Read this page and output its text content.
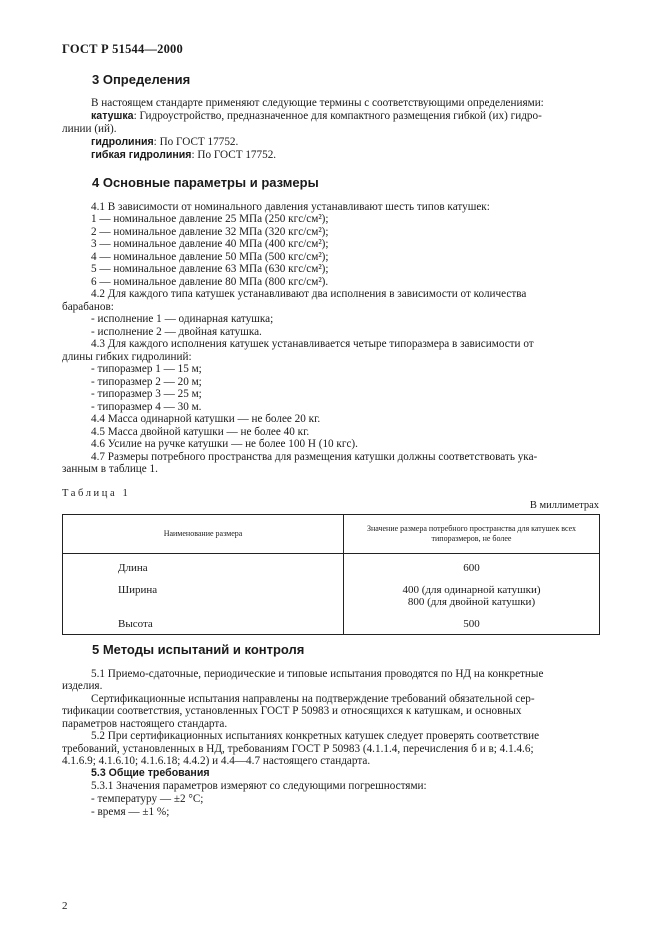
ГОСТ Р 51544—2000
3 Определения
В настоящем стандарте применяют следующие термины с соответствующими определениями:
катушка: Гидроустройство, предназначенное для компактного размещения гибкой (их) гидро-
линии (ий).
гидролиния: По ГОСТ 17752.
гибкая гидролиния: По ГОСТ 17752.
4 Основные параметры и размеры
4.1 В зависимости от номинального давления устанавливают шесть типов катушек:
1 — номинальное давление 25 МПа (250 кгс/см²);
2 — номинальное давление 32 МПа (320 кгс/см²);
3 — номинальное давление 40 МПа (400 кгс/см²);
4 — номинальное давление 50 МПа (500 кгс/см²);
5 — номинальное давление 63 МПа (630 кгс/см²);
6 — номинальное давление 80 МПа (800 кгс/см²).
4.2 Для каждого типа катушек устанавливают два исполнения в зависимости от количества
барабанов:
- исполнение 1 — одинарная катушка;
- исполнение 2 — двойная катушка.
4.3 Для каждого исполнения катушек устанавливается четыре типоразмера в зависимости от
длины гибких гидролиний:
- типоразмер 1 — 15 м;
- типоразмер 2 — 20 м;
- типоразмер 3 — 25 м;
- типоразмер 4 — 30 м.
4.4 Масса одинарной катушки — не более 20 кг.
4.5 Масса двойной катушки — не более 40 кг.
4.6 Усилие на ручке катушки — не более 100 Н (10 кгс).
4.7 Размеры потребного пространства для размещения катушки должны соответствовать ука-
занным в таблице 1.
Таблица 1
В миллиметрах
Наименование размера	Значение размера потребного пространства для катушек всех типоразмеров, не более
Длина	600
Ширина	400 (для одинарной катушки)
800 (для двойной катушки)

Высота	500
5 Методы испытаний и контроля
5.1 Приемо-сдаточные, периодические и типовые испытания проводятся по НД на конкретные
изделия.
Сертификационные испытания направлены на подтверждение требований обязательной сер-
тификации соответствия, установленных ГОСТ Р 50983 и относящихся к катушкам, и основных
параметров настоящего стандарта.
5.2 При сертификационных испытаниях конкретных катушек следует проверять соответствие
требований, установленных в НД, требованиям ГОСТ Р 50983 (4.1.1.4, перечисления б и в; 4.1.4.6;
4.1.6.9; 4.1.6.10; 4.1.6.18; 4.4.2) и 4.4—4.7 настоящего стандарта.
5.3 Общие требования
5.3.1 Значения параметров измеряют со следующими погрешностями:
- температуру — ±2 °С;
- время — ±1 %;
2
